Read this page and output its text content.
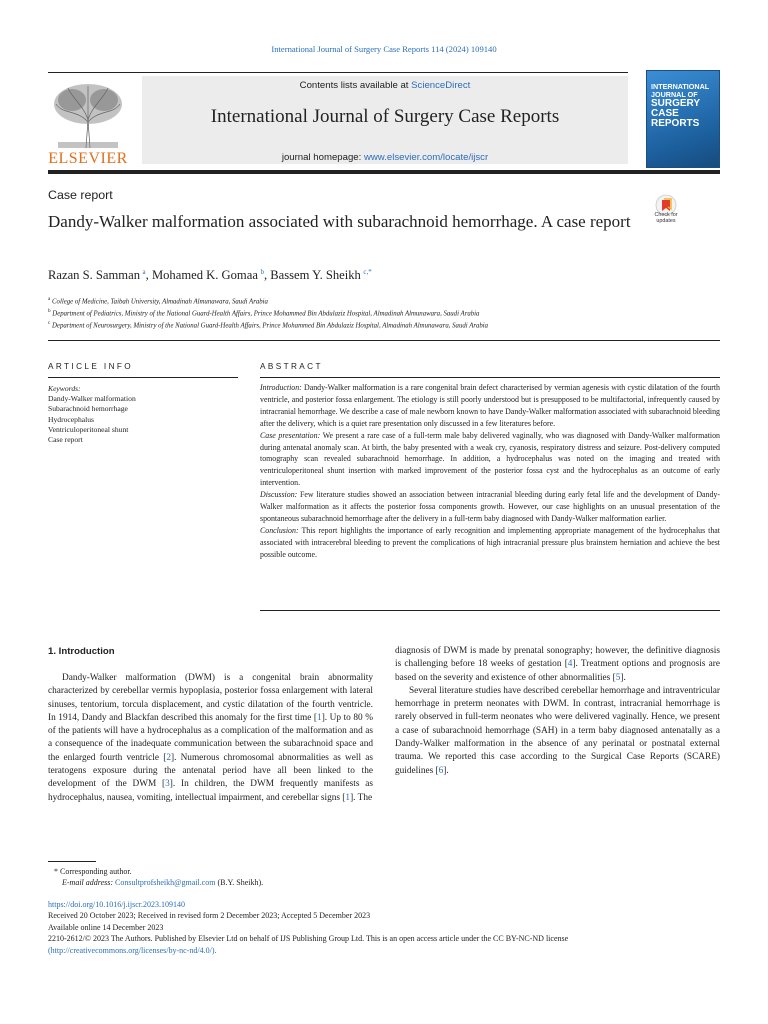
International Journal of Surgery Case Reports 114 (2024) 109140
ELSEVIER
Contents lists available at ScienceDirect
International Journal of Surgery Case Reports
journal homepage: www.elsevier.com/locate/ijscr
INTERNATIONAL
JOURNAL OF
SURGERY
CASE
REPORTS
Case report
Dandy-Walker malformation associated with subarachnoid hemorrhage. A case report	Check for
updates
Razan S. Samman  $^a$, Mohamed K. Gomaa  $^b$, Bassem Y. Sheikh  $^{c,*}$
$^a$ College of Medicine, Taibah University, Almadinah Almunawara, Saudi Arabia
$^b$ Department of Pediatrics, Ministry of the National Guard-Health Affairs, Prince Mohammed Bin Abdulaziz Hospital, Almadinah Almunawara, Saudi Arabia
$^c$ Department of Neurosurgery, Ministry of the National Guard-Health Affairs, Prince Mohammed Bin Abdulaziz Hospital, Almadinah Almunawara, Saudi Arabia
ARTICLE INFO	ABSTRACT
Keywords:
Dandy-Walker malformation
Subarachnoid hemorrhage
Hydrocephalus
Ventriculoperitoneal shunt
Case report

Introduction: Dandy-Walker malformation is a rare congenital brain defect characterised by vermian agenesis with cystic dilatation of the fourth ventricle, and posterior fossa enlargement. The etiology is still poorly understood but is presupposed to be multifactorial, infrequently caused by intracranial hemorrhage. We describe a case of male newborn known to have Dandy-Walker malformation associated with subarachnoid bleeding after the delivery, which is a quiet rare presentation only discussed in a few literatures before.

Case presentation: We present a rare case of a full-term male baby delivered vaginally, who was diagnosed with Dandy-Walker malformation during antenatal anomaly scan. At birth, the baby presented with a weak cry, cyanosis, respiratory distress and seizure. Post-delivery computed tomography scan revealed subarachnoid hemorrhage. In addition, a hydrocephalus was noted on the imaging and treated with ventriculoperitoneal shunt insertion with marked improvement of the posterior fossa cyst and the hydrocephalus as an outcome of early intervention.

Discussion: Few literature studies showed an association between intracranial bleeding during early fetal life and the development of Dandy-Walker malformation as it affects the posterior fossa components growth. However, our case highlights on an unusual presentation of the spontaneous subarachnoid hemorrhage after the delivery in a full-term baby diagnosed with Dandy-Walker malformation earlier.

Conclusion: This report highlights the importance of early recognition and implementing appropriate management of the hydrocephalus that associated with intracerebral bleeding to prevent the complications of high intracranial pressure plus brainstem herniation and achieve the best possible outcome.

1. Introduction

Dandy-Walker malformation (DWM) is a congenital brain abnormality characterized by cerebellar vermis hypoplasia, posterior fossa enlargement with lateral sinuses, tentorium, torcula displacement, and cystic dilatation of the fourth ventricle. In 1914, Dandy and Blackfan described this anomaly for the first time [1]. Up to 80 % of the patients will have a hydrocephalus as a complication of the malformation and as a consequence of the inadequate communication between the subarachnoid space and the enlarged fourth ventricle [2]. Numerous chromosomal abnormalities as well as teratogens exposure during the antenatal period have all been linked to the development of the DWM [3]. In children, the DWM frequently manifests as hydrocephalus, nausea, vomiting, intellectual impairment, and cerebellar signs [1]. The

diagnosis of DWM is made by prenatal sonography; however, the definitive diagnosis is challenging before 18 weeks of gestation [4]. Treatment options and prognosis are based on the severity and existence of other abnormalities [5].

Several literature studies have described cerebellar hemorrhage and intraventricular hemorrhage in preterm neonates with DWM. In contrast, intracranial hemorrhage is rarely observed in full-term neonates who were delivered vaginally. Hence, we present a case of subarachnoid hemorrhage (SAH) in a term baby diagnosed antenatally as a Dandy-Walker malformation in the absence of any perinatal or postnatal external trauma. We reported this case according to the Surgical Case Reports (SCARE) guidelines [6].

* Corresponding author.
E-mail address: Consultprofsheikh@gmail.com (B.Y. Sheikh).
https://doi.org/10.1016/j.ijscr.2023.109140
Received 20 October 2023; Received in revised form 2 December 2023; Accepted 5 December 2023
Available online 14 December 2023
2210-2612/© 2023 The Authors. Published by Elsevier Ltd on behalf of IJS Publishing Group Ltd. This is an open access article under the CC BY-NC-ND license
(http://creativecommons.org/licenses/by-nc-nd/4.0/).
